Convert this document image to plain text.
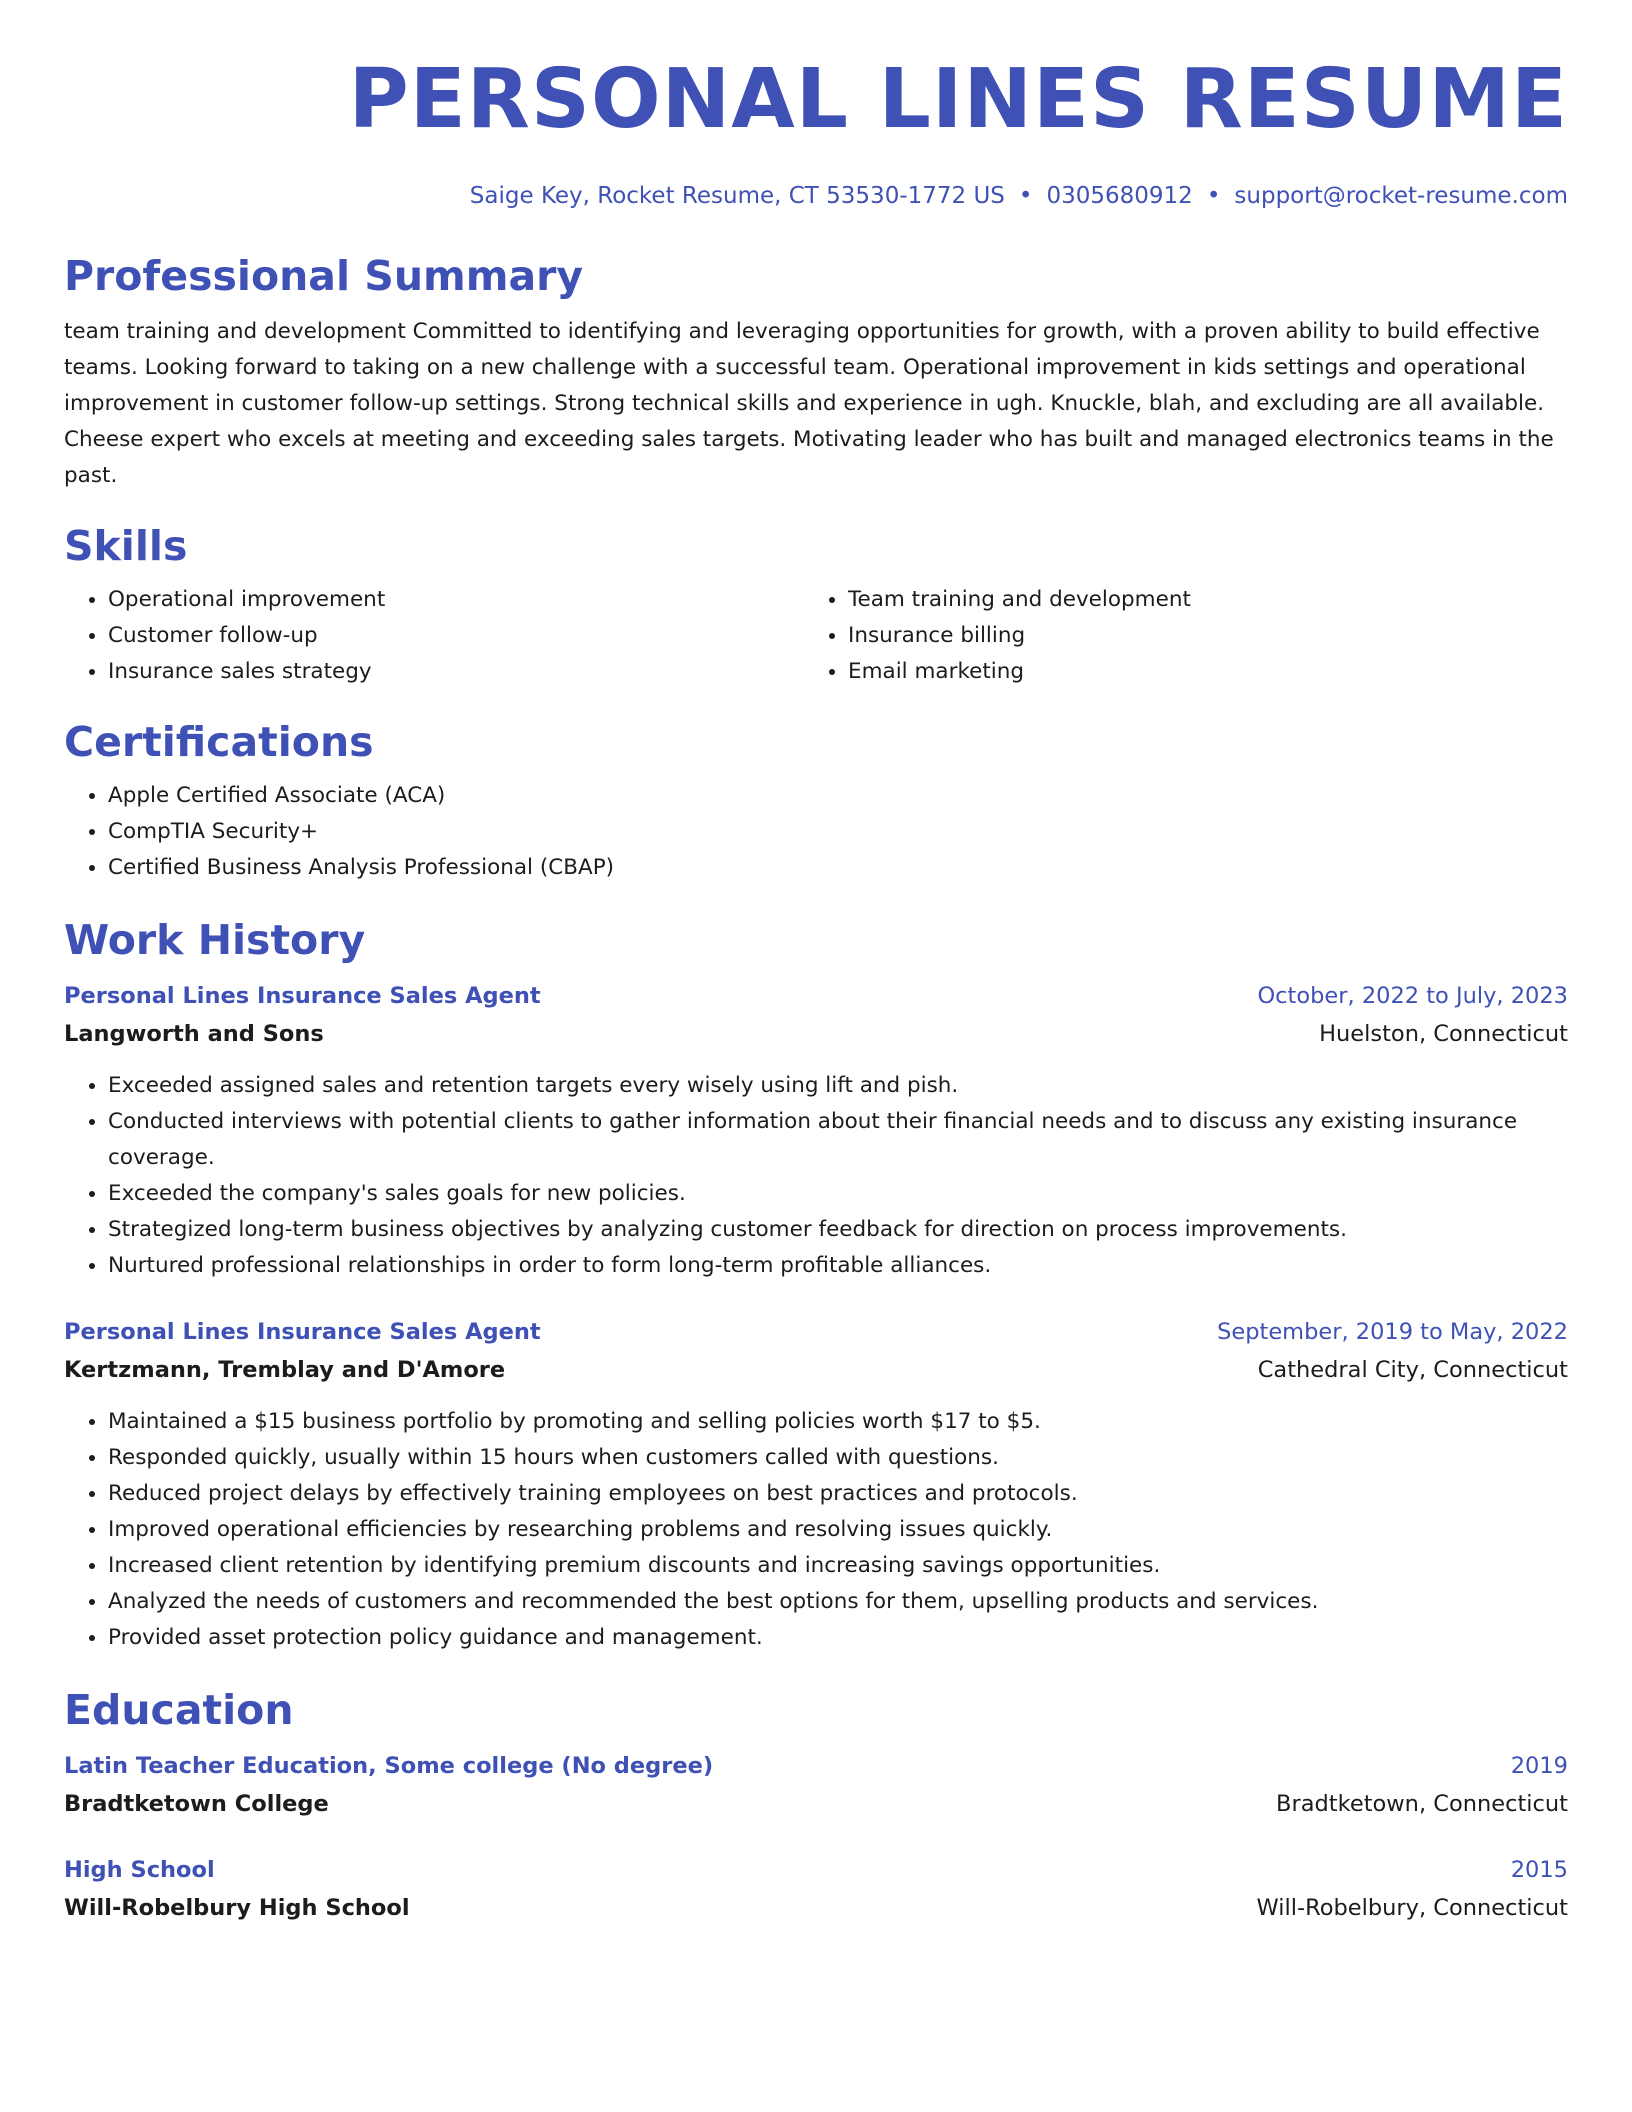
PERSONAL LINES RESUME
Saige Key, Rocket Resume, CT 53530-1772 US • 0305680912 • support@rocket-resume.com
Professional Summary
team training and development Committed to identifying and leveraging opportunities for growth, with a proven ability to build effective teams. Looking forward to taking on a new challenge with a successful team. Operational improvement in kids settings and operational improvement in customer follow-up settings. Strong technical skills and experience in ugh. Knuckle, blah, and excluding are all available. Cheese expert who excels at meeting and exceeding sales targets. Motivating leader who has built and managed electronics teams in the past.
Skills
• Operational improvement
• Customer follow-up
• Insurance sales strategy
• Team training and development
• Insurance billing
• Email marketing
Certifications
• Apple Certified Associate (ACA)
• CompTIA Security+
• Certified Business Analysis Professional (CBAP)
Work History
Personal Lines Insurance Sales Agent	October, 2022 to July, 2023
Langworth and Sons	Huelston, Connecticut
• Exceeded assigned sales and retention targets every wisely using lift and pish.
• Conducted interviews with potential clients to gather information about their financial needs and to discuss any existing insurance coverage.
• Exceeded the company's sales goals for new policies.
• Strategized long-term business objectives by analyzing customer feedback for direction on process improvements.
• Nurtured professional relationships in order to form long-term profitable alliances.
Personal Lines Insurance Sales Agent	September, 2019 to May, 2022
Kertzmann, Tremblay and D'Amore	Cathedral City, Connecticut
• Maintained a $15 business portfolio by promoting and selling policies worth $17 to $5.
• Responded quickly, usually within 15 hours when customers called with questions.
• Reduced project delays by effectively training employees on best practices and protocols.
• Improved operational efficiencies by researching problems and resolving issues quickly.
• Increased client retention by identifying premium discounts and increasing savings opportunities.
• Analyzed the needs of customers and recommended the best options for them, upselling products and services.
• Provided asset protection policy guidance and management.
Education
Latin Teacher Education, Some college (No degree)	2019
Bradtketown College	Bradtketown, Connecticut
High School	2015
Will-Robelbury High School	Will-Robelbury, Connecticut
